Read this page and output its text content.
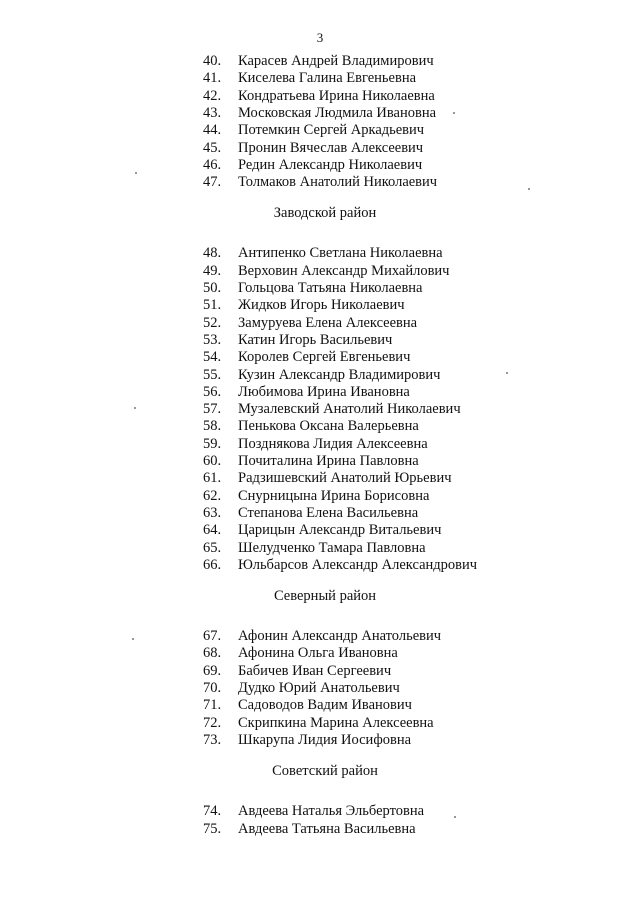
3
40.	Карасев Андрей Владимирович
41.	Киселева Галина Евгеньевна
42.	Кондратьева Ирина Николаевна
43.	Московская Людмила Ивановна
44.	Потемкин Сергей Аркадьевич
45.	Пронин Вячеслав Алексеевич
46.	Редин Александр Николаевич
47.	Толмаков Анатолий Николаевич
Заводской район
48.	Антипенко Светлана Николаевна
49.	Верховин Александр Михайлович
50.	Гольцова Татьяна Николаевна
51.	Жидков Игорь Николаевич
52.	Замуруева Елена Алексеевна
53.	Катин Игорь Васильевич
54.	Королев Сергей Евгеньевич
55.	Кузин Александр Владимирович
56.	Любимова Ирина Ивановна
57.	Музалевский Анатолий Николаевич
58.	Пенькова Оксана Валерьевна
59.	Позднякова Лидия Алексеевна
60.	Почиталина Ирина Павловна
61.	Радзишевский Анатолий Юрьевич
62.	Снурницына Ирина Борисовна
63.	Степанова Елена Васильевна
64.	Царицын Александр Витальевич
65.	Шелудченко Тамара Павловна
66.	Юльбарсов Александр Александрович
Северный район
67.	Афонин Александр Анатольевич
68.	Афонина Ольга Ивановна
69.	Бабичев Иван Сергеевич
70.	Дудко Юрий Анатольевич
71.	Садоводов Вадим Иванович
72.	Скрипкина Марина Алексеевна
73.	Шкарупа Лидия Иосифовна
Советский район
74.	Авдеева Наталья Эльбертовна
75.	Авдеева Татьяна Васильевна
